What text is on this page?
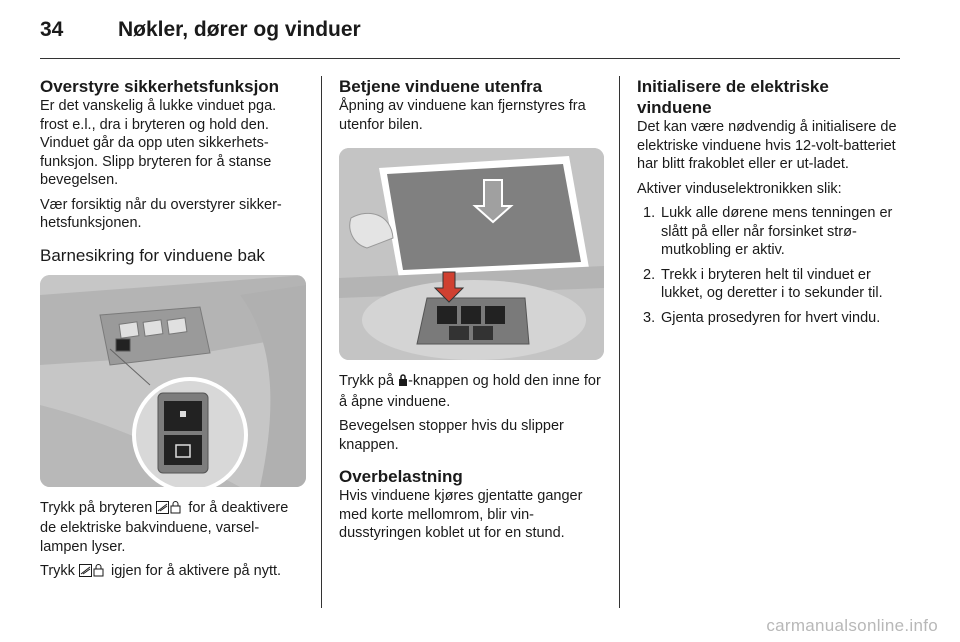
34	Nøkler, dører og vinduer
Overstyre sikkerhetsfunksjon

Er det vanskelig å lukke vinduet pga. frost e.l., dra i bryteren og hold den. Vinduet går da opp uten sikkerhets-funksjon. Slipp bryteren for å stanse bevegelsen.

Vær forsiktig når du overstyrer sikker-hetsfunksjonen.

Barnesikring for vinduene bak

Trykk på bryteren for å deaktivere de elektriske bakvinduene, varsel-lampen lyser.

Trykk igjen for å aktivere på nytt.

Betjene vinduene utenfra
Åpning av vinduene kan fjernstyres fra utenfor bilen.

Trykk på -knappen og hold den inne for å åpne vinduene.

Bevegelsen stopper hvis du slipper knappen.

Overbelastning
Hvis vinduene kjøres gjentatte ganger med korte mellomrom, blir vin-dusstyringen koblet ut for en stund.
Initialisere de elektriske vinduene
Det kan være nødvendig å initialisere de elektriske vinduene hvis 12-volt-batteriet har blitt frakoblet eller er ut-ladet.

Aktiver vinduselektronikken slik:

1. Lukk alle dørene mens tenningen er slått på eller når forsinket strø-mutkobling er aktiv.
2. Trekk i bryteren helt til vinduet er lukket, og deretter i to sekunder til.
3. Gjenta prosedyren for hvert vindu.
carmanualsonline.info
